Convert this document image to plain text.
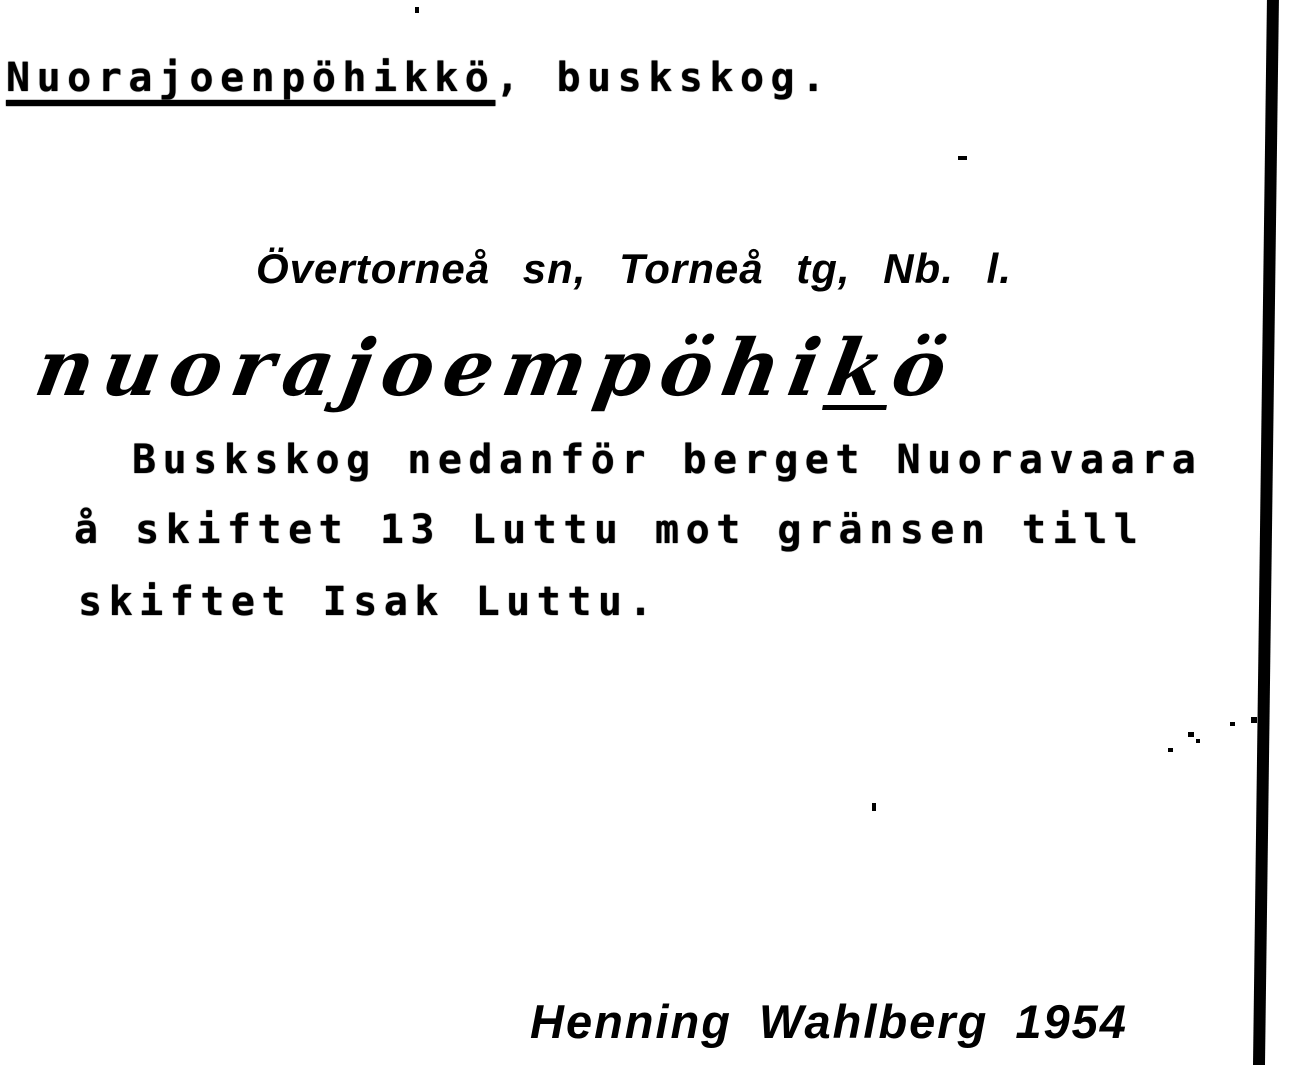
Nuorajoenpöhikkö, buskskog.
Övertorneå sn, Torneå tg, Nb. l.
nuorajoempöhikö
Buskskog nedanför berget Nuoravaara
å skiftet 13 Luttu mot gränsen till
skiftet Isak Luttu.
Henning Wahlberg 1954
